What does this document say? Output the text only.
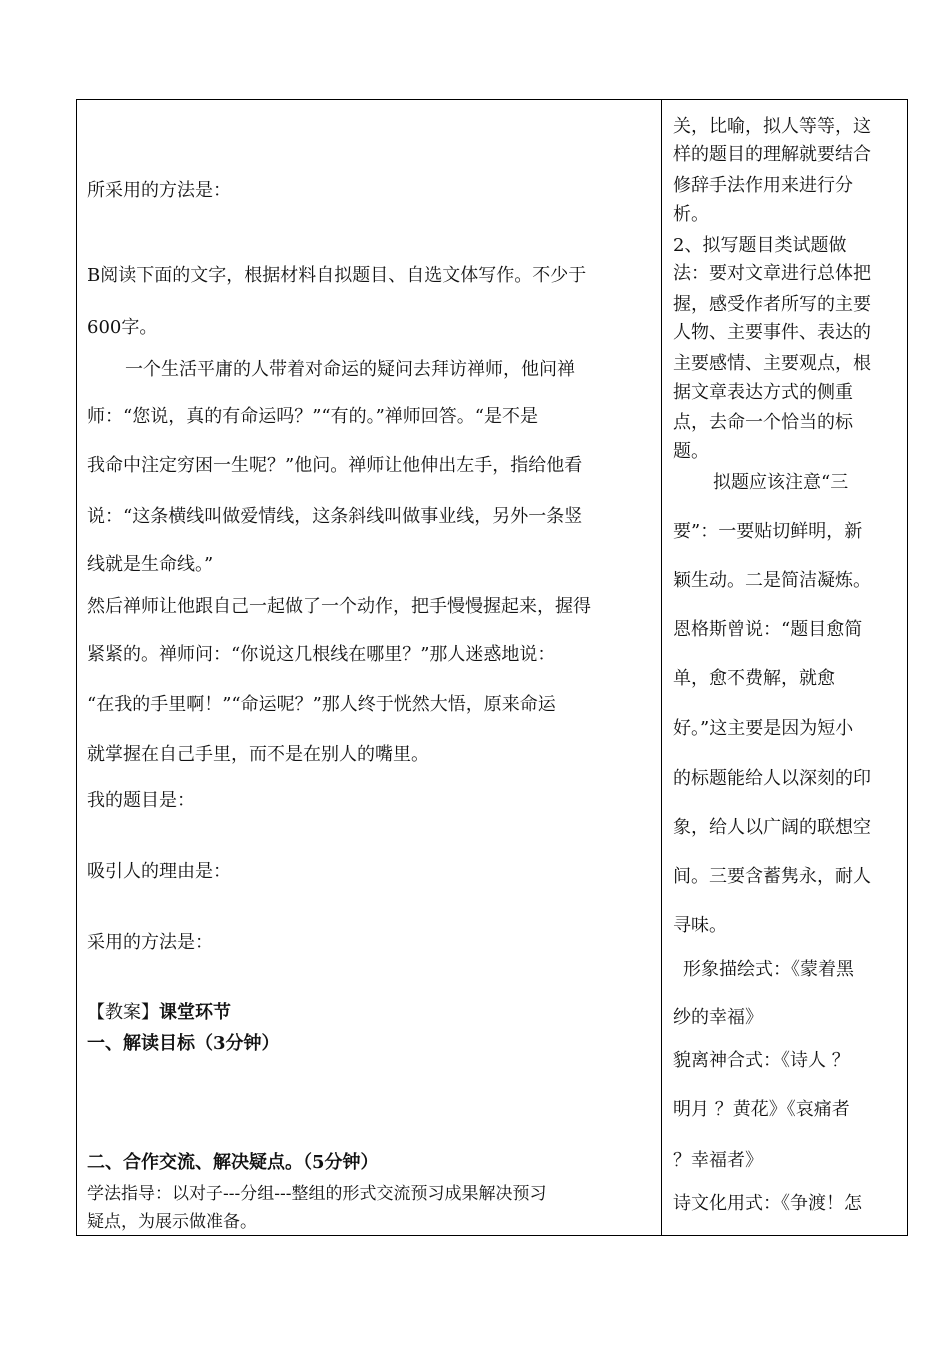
所采用的方法是：
B阅读下面的文字，根据材料自拟题目、自选文体写作。不少于
600字。
一个生活平庸的人带着对命运的疑问去拜访禅师，他问禅
师：“您说，真的有命运吗？”“有的。”禅师回答。“是不是
我命中注定穷困一生呢？”他问。禅师让他伸出左手，指给他看
说：“这条横线叫做爱情线，这条斜线叫做事业线，另外一条竖
线就是生命线。”
然后禅师让他跟自己一起做了一个动作，把手慢慢握起来，握得
紧紧的。禅师问：“你说这几根线在哪里？”那人迷惑地说：
“在我的手里啊！”“命运呢？”那人终于恍然大悟，原来命运
就掌握在自己手里，而不是在别人的嘴里。
我的题目是：
吸引人的理由是：
采用的方法是：
【教案】课堂环节
一、解读目标（3分钟）
二、合作交流、解决疑点。（5分钟）
学法指导：以对子---分组---整组的形式交流预习成果解决预习
疑点，为展示做准备。
关，比喻，拟人等等，这
样的题目的理解就要结合
修辞手法作用来进行分
析。
2、拟写题目类试题做
法：要对文章进行总体把
握，感受作者所写的主要
人物、主要事件、表达的
主要感情、主要观点，根
据文章表达方式的侧重
点，去命一个恰当的标
题。
拟题应该注意“三
要”：一要贴切鲜明，新
颖生动。二是简洁凝炼。
恩格斯曾说：“题目愈简
单，愈不费解，就愈
好。”这主要是因为短小
的标题能给人以深刻的印
象，给人以广阔的联想空
间。三要含蓄隽永，耐人
寻味。
形象描绘式：《蒙着黑
纱的幸福》
貌离神合式：《诗人 ？
明月 ？黄花》《哀痛者
？幸福者》
诗文化用式：《争渡！怎
